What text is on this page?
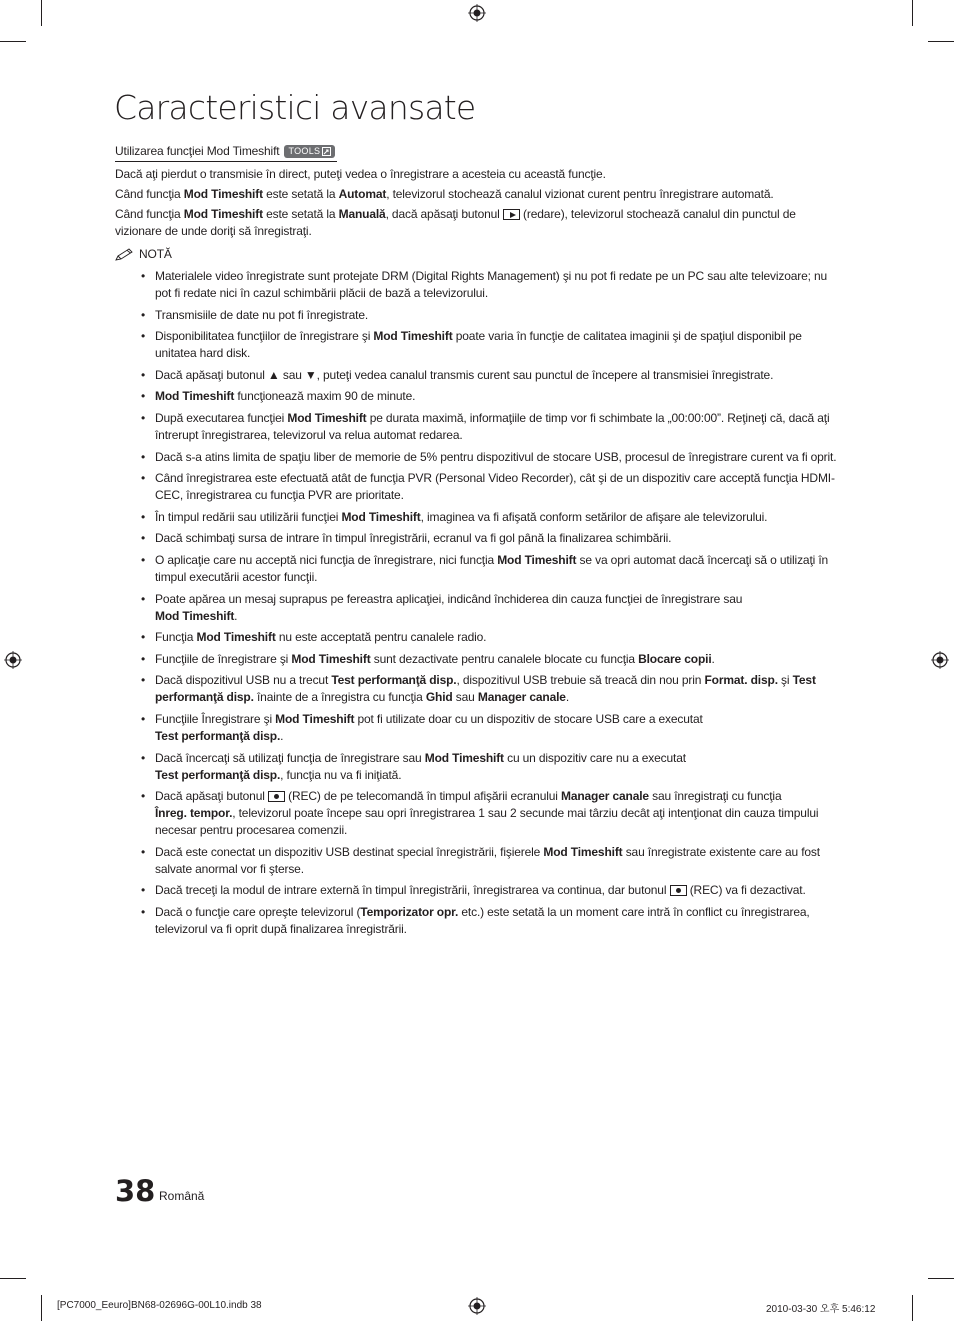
Caracteristici avansate
Utilizarea funcţiei Mod Timeshift TOOLS

Dacă aţi pierdut o transmisie în direct, puteţi vedea o înregistrare a acesteia cu această funcţie.

Când funcţia Mod Timeshift este setată la Automat, televizorul stochează canalul vizionat curent pentru înregistrare automată.

Când funcţia Mod Timeshift este setată la Manuală, dacă apăsaţi butonul  (redare), televizorul stochează canalul din punctul de vizionare de unde doriţi să înregistraţi.

NOTĂ
• Materialele video înregistrate sunt protejate DRM (Digital Rights Management) şi nu pot fi redate pe un PC sau alte televizoare; nu pot fi redate nici în cazul schimbării plăcii de bază a televizorului.
• Transmisiile de date nu pot fi înregistrate.
• Disponibilitatea funcţiilor de înregistrare şi Mod Timeshift poate varia în funcţie de calitatea imaginii şi de spaţiul disponibil pe unitatea hard disk.
• Dacă apăsaţi butonul ▲ sau ▼, puteţi vedea canalul transmis curent sau punctul de începere al transmisiei înregistrate.
• Mod Timeshift funcţionează maxim 90 de minute.
• După executarea funcţiei Mod Timeshift pe durata maximă, informaţiile de timp vor fi schimbate la „00:00:00”. Reţineţi că, dacă aţi întrerupt înregistrarea, televizorul va relua automat redarea.
• Dacă s-a atins limita de spaţiu liber de memorie de 5% pentru dispozitivul de stocare USB, procesul de înregistrare curent va fi oprit.
• Când înregistrarea este efectuată atât de funcţia PVR (Personal Video Recorder), cât şi de un dispozitiv care acceptă funcţia HDMI-CEC, înregistrarea cu funcţia PVR are prioritate.
• În timpul redării sau utilizării funcţiei Mod Timeshift, imaginea va fi afişată conform setărilor de afişare ale televizorului.
• Dacă schimbaţi sursa de intrare în timpul înregistrării, ecranul va fi gol până la finalizarea schimbării.
• O aplicaţie care nu acceptă nici funcţia de înregistrare, nici funcţia Mod Timeshift se va opri automat dacă încercaţi să o utilizaţi în timpul executării acestor funcţii.
• Poate apărea un mesaj suprapus pe fereastra aplicaţiei, indicând închiderea din cauza funcţiei de înregistrare sau
Mod Timeshift.
• Funcţia Mod Timeshift nu este acceptată pentru canalele radio.
• Funcţiile de înregistrare şi Mod Timeshift sunt dezactivate pentru canalele blocate cu funcţia Blocare copii.
• Dacă dispozitivul USB nu a trecut Test performanţă disp., dispozitivul USB trebuie să treacă din nou prin Format. disp. şi Test performanţă disp. înainte de a înregistra cu funcţia Ghid sau Manager canale.
• Funcţiile Înregistrare şi Mod Timeshift pot fi utilizate doar cu un dispozitiv de stocare USB care a executat
Test performanţă disp..
• Dacă încercaţi să utilizaţi funcţia de înregistrare sau Mod Timeshift cu un dispozitiv care nu a executat
Test performanţă disp., funcţia nu va fi iniţiată.
• Dacă apăsaţi butonul  (REC) de pe telecomandă în timpul afişării ecranului Manager canale sau înregistraţi cu funcţia
Înreg. tempor., televizorul poate începe sau opri înregistrarea 1 sau 2 secunde mai târziu decât aţi intenţionat din cauza timpului necesar pentru procesarea comenzii.
• Dacă este conectat un dispozitiv USB destinat special înregistrării, fişierele Mod Timeshift sau înregistrate existente care au fost salvate anormal vor fi şterse.
• Dacă treceţi la modul de intrare externă în timpul înregistrării, înregistrarea va continua, dar butonul  (REC) va fi dezactivat.
• Dacă o funcţie care opreşte televizorul (Temporizator opr. etc.) este setată la un moment care intră în conflict cu înregistrarea, televizorul va fi oprit după finalizarea înregistrării.
38 Română
[PC7000_Eeuro]BN68-02696G-00L10.indb 38	2010-03-30 오후 5:46:12
